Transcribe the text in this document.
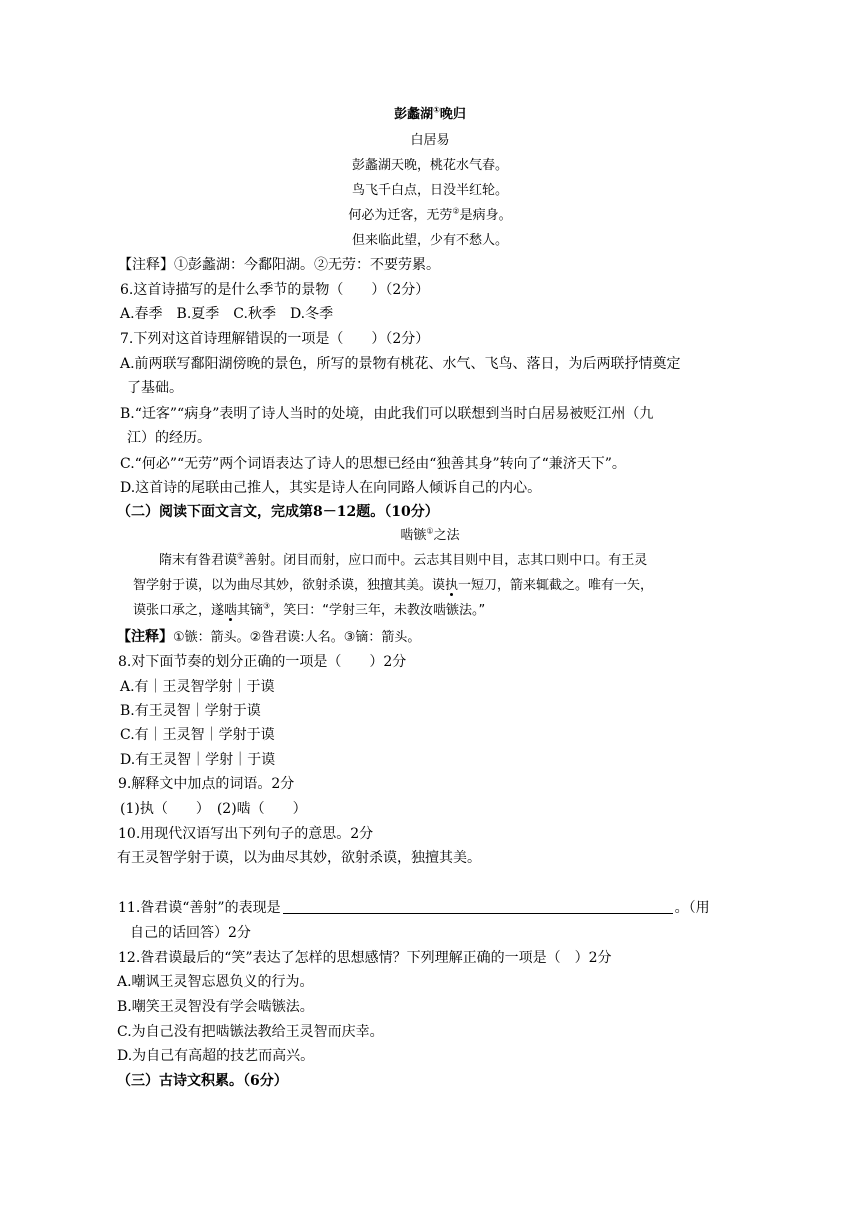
彭蠡湖①晚归
白居易
彭蠡湖天晚，桃花水气春。
鸟飞千白点，日没半红轮。
何必为迁客，无劳②是病身。
但来临此望，少有不愁人。
【注释】①彭蠡湖：今鄱阳湖。②无劳：不要劳累。
6.这首诗描写的是什么季节的景物（　　）（2分）
A.春季　B.夏季　C.秋季　D.冬季
7.下列对这首诗理解错误的一项是（　　）（2分）
A.前两联写鄱阳湖傍晚的景色，所写的景物有桃花、水气、飞鸟、落日，为后两联抒情奠定
了基础。
B.“迁客”“病身”表明了诗人当时的处境，由此我们可以联想到当时白居易被贬江州（九
江）的经历。
C.“何必”“无劳”两个词语表达了诗人的思想已经由“独善其身”转向了“兼济天下”。
D.这首诗的尾联由己推人，其实是诗人在向同路人倾诉自己的内心。
（二）阅读下面文言文，完成第8－12题。（10分）
啮镞①之法
隋末有昝君谟②善射。闭目而射，应口而中。云志其目则中目，志其口则中口。有王灵
智学射于谟，以为曲尽其妙，欲射杀谟，独擅其美。谟执一短刀，箭来辄截之。唯有一矢，
谟张口承之，遂啮其镝③，笑曰：“学射三年，未教汝啮镞法。”
【注释】①镞：箭头。②昝君谟:人名。③镝：箭头。
8.对下面节奏的划分正确的一项是（　　）2分
A.有｜王灵智学射｜于谟
B.有王灵智｜学射于谟
C.有｜王灵智｜学射于谟
D.有王灵智｜学射｜于谟
9.解释文中加点的词语。2分
(1)执（　　）　(2)啮（　　）
10.用现代汉语写出下列句子的意思。2分
有王灵智学射于谟，以为曲尽其妙，欲射杀谟，独擅其美。
11.昝君谟“善射”的表现是	。（用
自己的话回答）2分
12.昝君谟最后的“笑”表达了怎样的思想感情？下列理解正确的一项是（　）2分
A.嘲讽王灵智忘恩负义的行为。
B.嘲笑王灵智没有学会啮镞法。
C.为自己没有把啮镞法教给王灵智而庆幸。
D.为自己有高超的技艺而高兴。
（三）古诗文积累。（6分）
